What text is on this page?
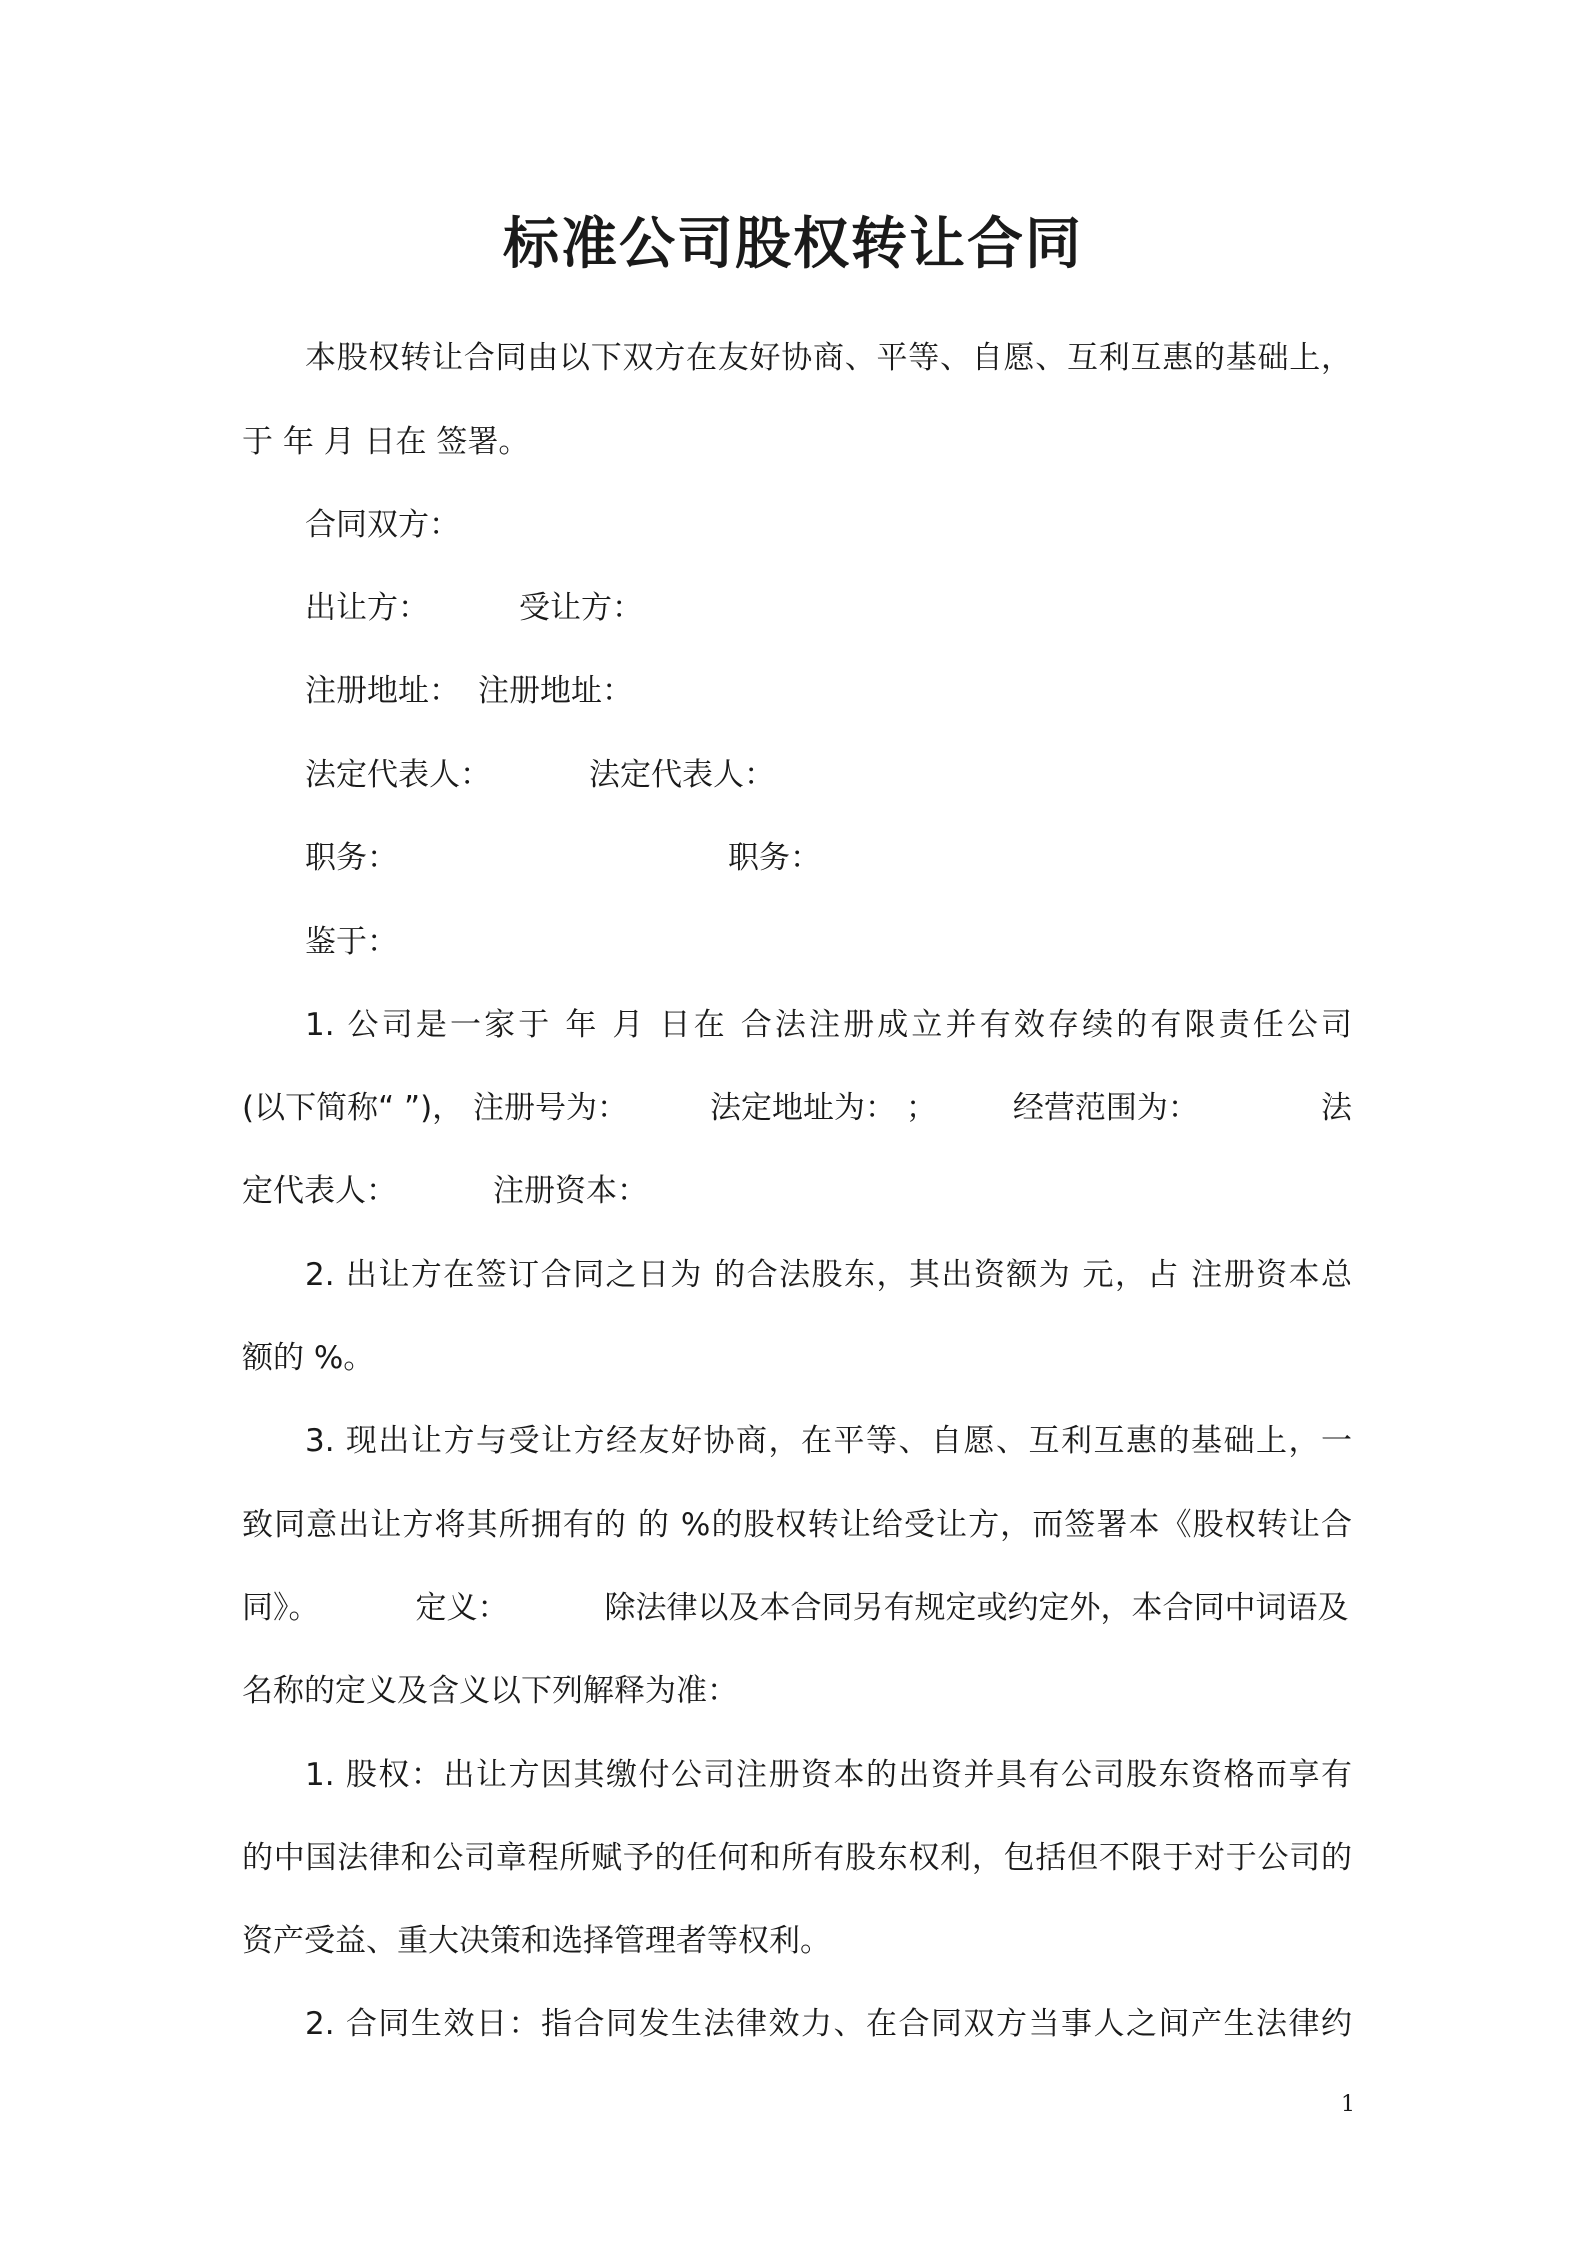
标准公司股权转让合同
本股权转让合同由以下双方在友好协商、平等、自愿、互利互惠的基础上，
于 年 月 日在 签署。
合同双方：
出让方：	受让方：
注册地址： 注册地址：
法定代表人：	法定代表人：
职务：	职务：
鉴于：
1. 公司是一家于 年 月 日在 合法注册成立并有效存续的有限责任公司
(以下简称“ ”)， 注册号为：	法定地址为： ； 经营范围为：	法
定代表人：	注册资本：
2. 出让方在签订合同之日为 的合法股东，其出资额为 元，占 注册资本总
额的 %。
3. 现出让方与受让方经友好协商，在平等、自愿、互利互惠的基础上，一
致同意出让方将其所拥有的 的 %的股权转让给受让方，而签署本《股权转让合
同》。	定义：	除法律以及本合同另有规定或约定外，本合同中词语及
名称的定义及含义以下列解释为准：
1. 股权：出让方因其缴付公司注册资本的出资并具有公司股东资格而享有
的中国法律和公司章程所赋予的任何和所有股东权利，包括但不限于对于公司的
资产受益、重大决策和选择管理者等权利。
2. 合同生效日：指合同发生法律效力、在合同双方当事人之间产生法律约
1
